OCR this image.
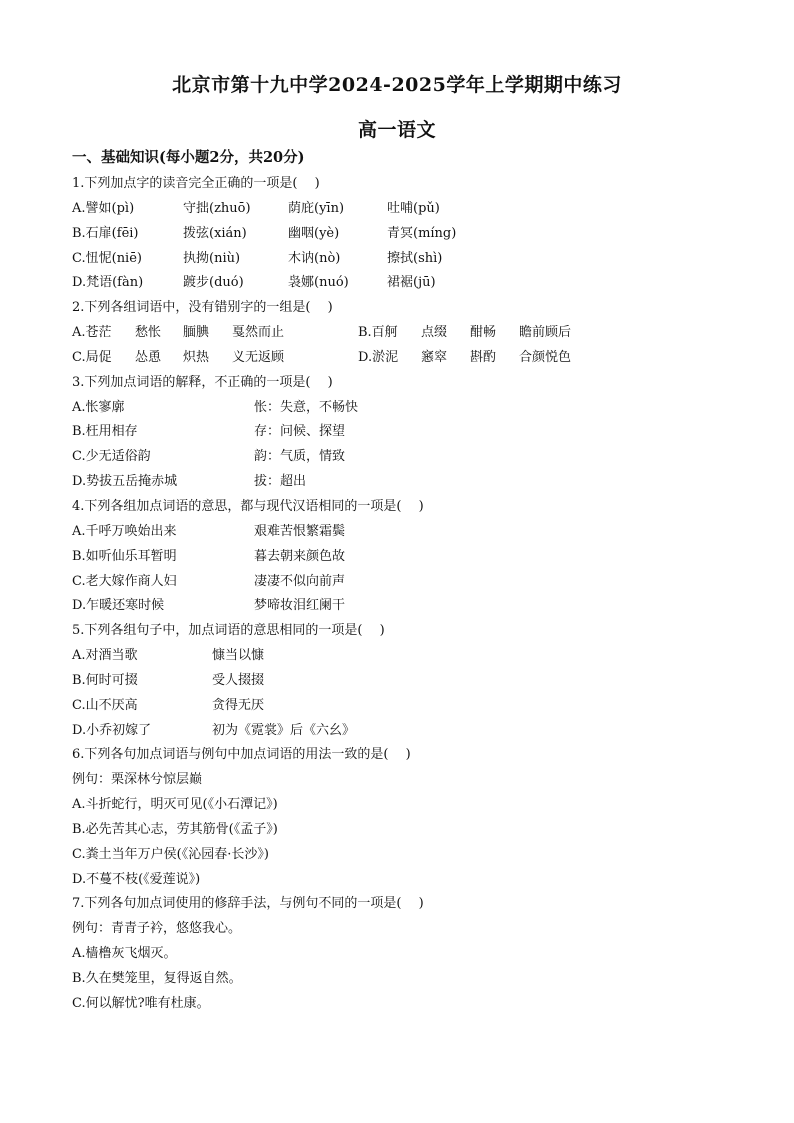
北京市第十九中学2024-2025学年上学期期中练习
高一语文
一、基础知识(每小题2分，共20分)
1.下列加点字的读音完全正确的一项是(　 )
A.譬如(pì)	守拙(zhuō)	荫庇(yīn)	吐哺(pǔ)
B.石扉(fēi)	拨弦(xián)	幽咽(yè)	青冥(míng)
C.忸怩(niē)	执拗(niù)	木讷(nò)	擦拭(shì)
D.梵语(fàn)	踱步(duó)	袅娜(nuó)	裙裾(jū)
2.下列各组词语中，没有错别字的一组是(　 )
A.苍茫 愁怅 腼腆 戛然而止	B.百舸 点缀 酣畅 瞻前顾后
C.局促 怂恿 炽热 义无返顾	D.淤泥 窸窣 斟酌 合颜悦色
3.下列加点词语的解释，不正确的一项是(　 )
A.怅寥廓	怅：失意，不畅快
B.枉用相存	存：问候、探望
C.少无适俗韵	韵：气质，情致
D.势拔五岳掩赤城	拔：超出
4.下列各组加点词语的意思，都与现代汉语相同的一项是(　 )
A.千呼万唤始出来	艰难苦恨繁霜鬓
B.如听仙乐耳暂明	暮去朝来颜色故
C.老大嫁作商人妇	凄凄不似向前声
D.乍暖还寒时候	梦啼妆泪红阑干
5.下列各组句子中，加点词语的意思相同的一项是(　 )
A.对酒当歌	慷当以慷
B.何时可掇	受人掇掇
C.山不厌高	贪得无厌
D.小乔初嫁了	初为《霓裳》后《六幺》
6.下列各句加点词语与例句中加点词语的用法一致的是(　 )
例句：栗深林兮惊层巅
A.斗折蛇行，明灭可见(《小石潭记》)
B.必先苦其心志，劳其筋骨(《孟子》)
C.粪土当年万户侯(《沁园春·长沙》)
D.不蔓不枝(《爱莲说》)
7.下列各句加点词使用的修辞手法，与例句不同的一项是(　 )
例句：青青子衿，悠悠我心。
A.樯橹灰飞烟灭。
B.久在樊笼里，复得返自然。
C.何以解忧?唯有杜康。
